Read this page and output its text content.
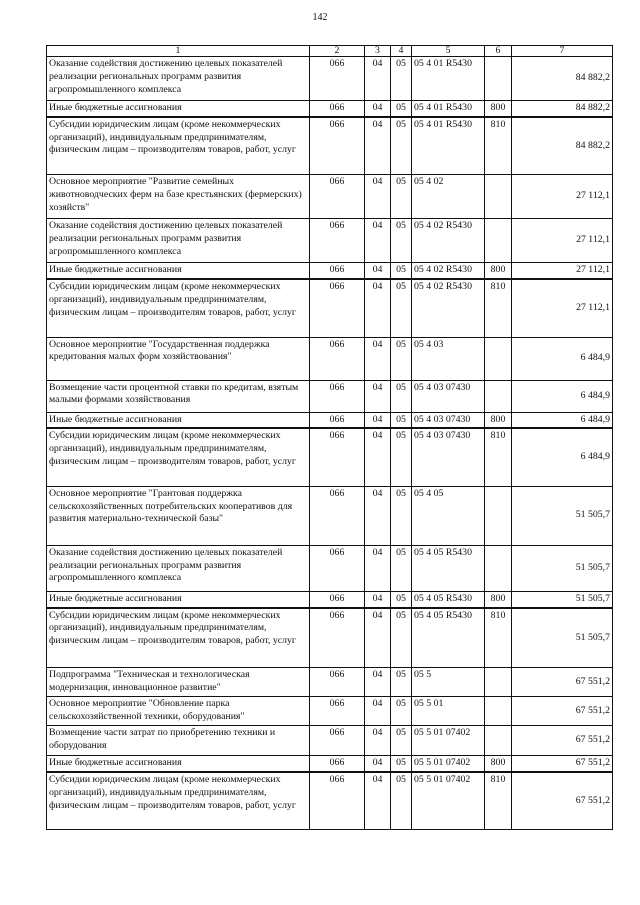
142
1	2	3	4	5	6	7
Оказание содействия достижению целевых показателей реализации региональных программ развития агропромышленного комплекса	066	04	05	05 4 01 R5430		84 882,2
Иные бюджетные ассигнования	066	04	05	05 4 01 R5430	800	84 882,2
Субсидии юридическим лицам (кроме некоммерческих организаций), индивидуальным предпринимателям, физическим лицам – производителям товаров, работ, услуг	066	04	05	05 4 01 R5430	810	84 882,2
Основное мероприятие "Развитие семейных животноводческих ферм на базе крестьянских (фермерских) хозяйств"	066	04	05	05 4 02		27 112,1
Оказание содействия достижению целевых показателей реализации региональных программ развития агропромышленного комплекса	066	04	05	05 4 02 R5430		27 112,1
Иные бюджетные ассигнования	066	04	05	05 4 02 R5430	800	27 112,1
Субсидии юридическим лицам (кроме некоммерческих организаций), индивидуальным предпринимателям, физическим лицам – производителям товаров, работ, услуг	066	04	05	05 4 02 R5430	810	27 112,1
Основное мероприятие "Государственная поддержка кредитования малых форм хозяйствования"	066	04	05	05 4 03		6 484,9
Возмещение части процентной ставки по кредитам, взятым малыми формами хозяйствования	066	04	05	05 4 03 07430		6 484,9
Иные бюджетные ассигнования	066	04	05	05 4 03 07430	800	6 484,9
Субсидии юридическим лицам (кроме некоммерческих организаций), индивидуальным предпринимателям, физическим лицам – производителям товаров, работ, услуг	066	04	05	05 4 03 07430	810	6 484,9
Основное мероприятие "Грантовая поддержка сельскохозяйственных потребительских кооперативов для развития материально-технической базы"	066	04	05	05 4 05		51 505,7
Оказание содействия достижению целевых показателей реализации региональных программ развития агропромышленного комплекса	066	04	05	05 4 05 R5430		51 505,7
Иные бюджетные ассигнования	066	04	05	05 4 05 R5430	800	51 505,7
Субсидии юридическим лицам (кроме некоммерческих организаций), индивидуальным предпринимателям, физическим лицам – производителям товаров, работ, услуг	066	04	05	05 4 05 R5430	810	51 505,7
Подпрограмма "Техническая и технологическая модернизация, инновационное развитие"	066	04	05	05 5		67 551,2
Основное мероприятие "Обновление парка сельскохозяйственной техники, оборудования"	066	04	05	05 5 01		67 551,2
Возмещение части затрат по приобретению техники и оборудования	066	04	05	05 5 01 07402		67 551,2
Иные бюджетные ассигнования	066	04	05	05 5 01 07402	800	67 551,2
Субсидии юридическим лицам (кроме некоммерческих организаций), индивидуальным предпринимателям, физическим лицам – производителям товаров, работ, услуг	066	04	05	05 5 01 07402	810	67 551,2
